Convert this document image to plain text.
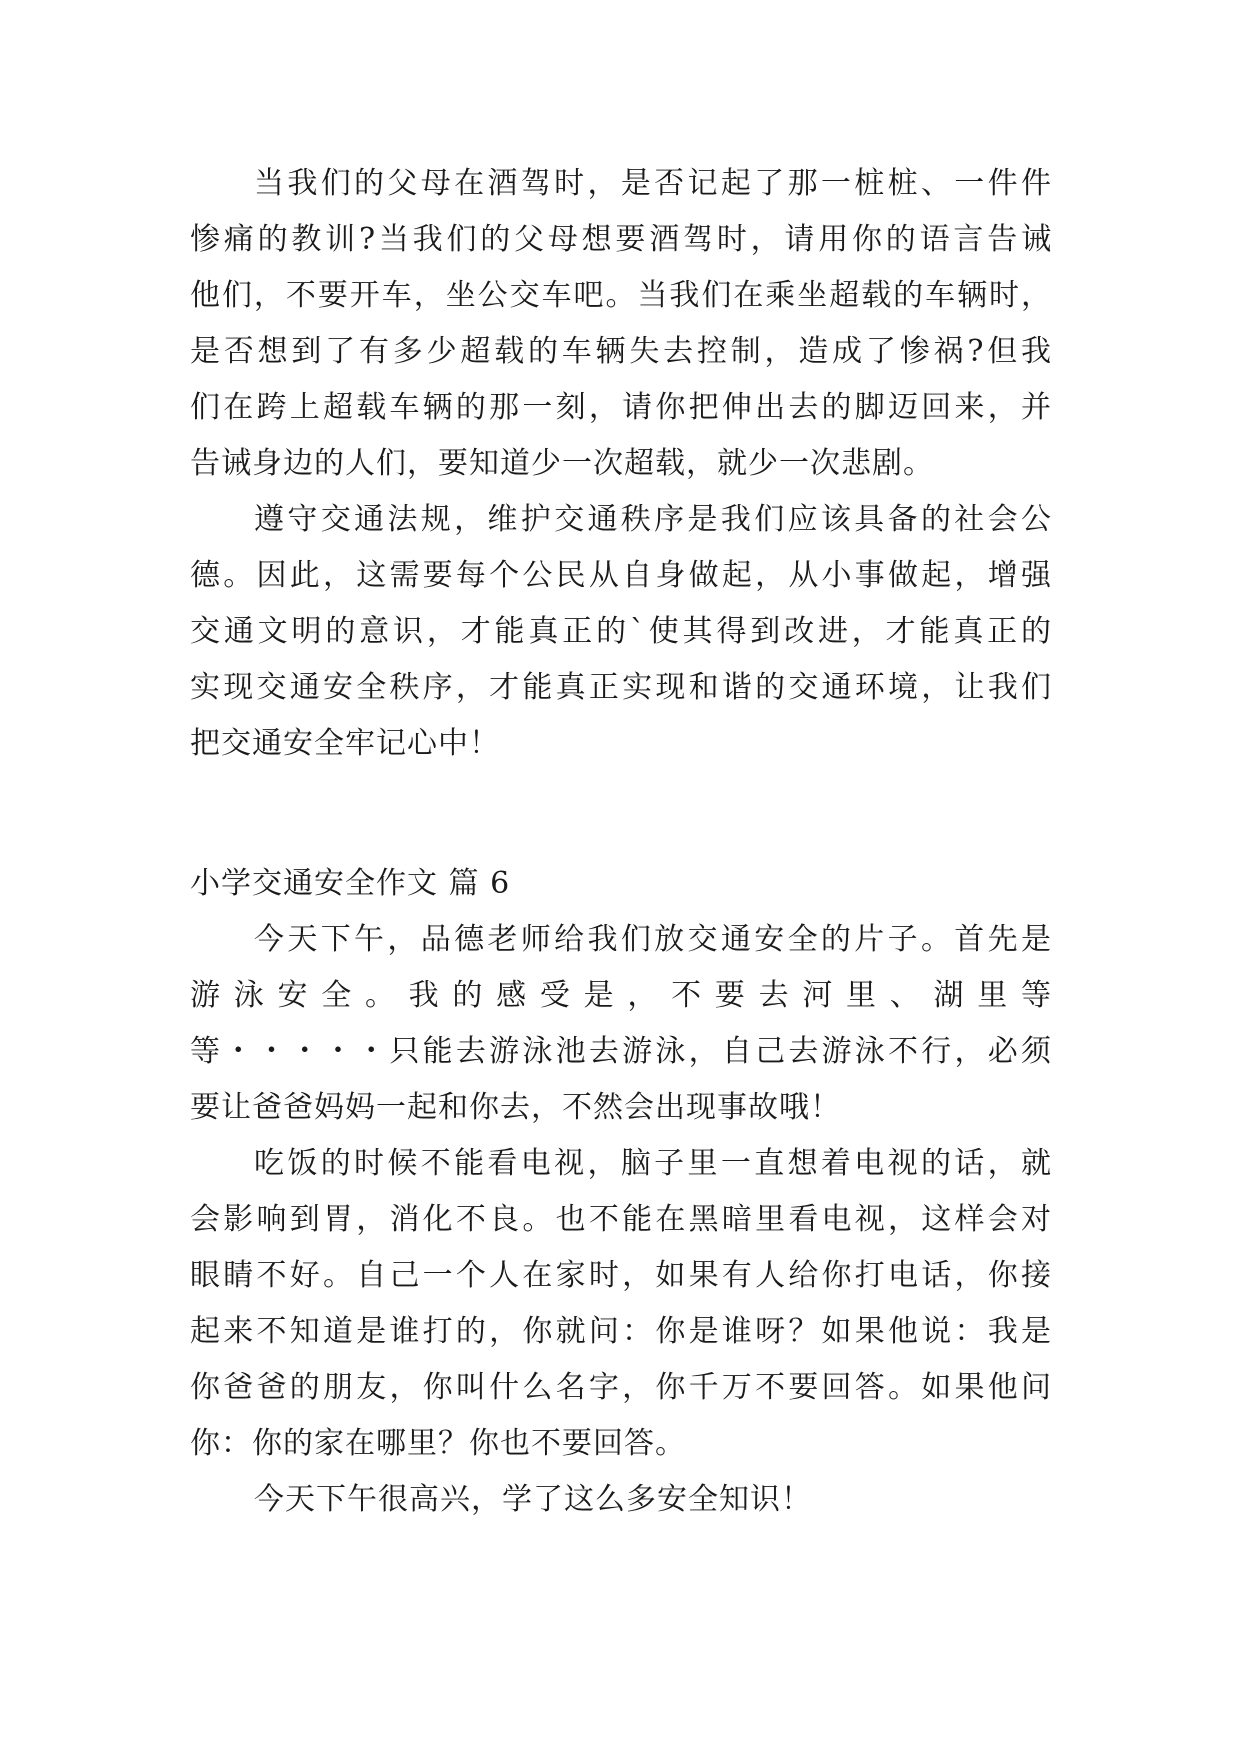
当我们的父母在酒驾时，是否记起了那一桩桩、一件件
惨痛的教训?当我们的父母想要酒驾时，请用你的语言告诫
他们，不要开车，坐公交车吧。当我们在乘坐超载的车辆时，
是否想到了有多少超载的车辆失去控制，造成了惨祸?但我
们在跨上超载车辆的那一刻，请你把伸出去的脚迈回来，并
告诫身边的人们，要知道少一次超载，就少一次悲剧。
遵守交通法规，维护交通秩序是我们应该具备的社会公
德。因此，这需要每个公民从自身做起，从小事做起，增强
交通文明的意识，才能真正的`使其得到改进，才能真正的
实现交通安全秩序，才能真正实现和谐的交通环境，让我们
把交通安全牢记心中！
小学交通安全作文 篇 6
今天下午，品德老师给我们放交通安全的片子。首先是
游 泳 安 全 。 我 的 感 受 是 ， 不 要 去 河 里 、 湖 里 等
等・・・・・只能去游泳池去游泳，自己去游泳不行，必须
要让爸爸妈妈一起和你去，不然会出现事故哦！
吃饭的时候不能看电视，脑子里一直想着电视的话，就
会影响到胃，消化不良。也不能在黑暗里看电视，这样会对
眼睛不好。自己一个人在家时，如果有人给你打电话，你接
起来不知道是谁打的，你就问：你是谁呀？如果他说：我是
你爸爸的朋友，你叫什么名字，你千万不要回答。如果他问
你：你的家在哪里？你也不要回答。
今天下午很高兴，学了这么多安全知识！
